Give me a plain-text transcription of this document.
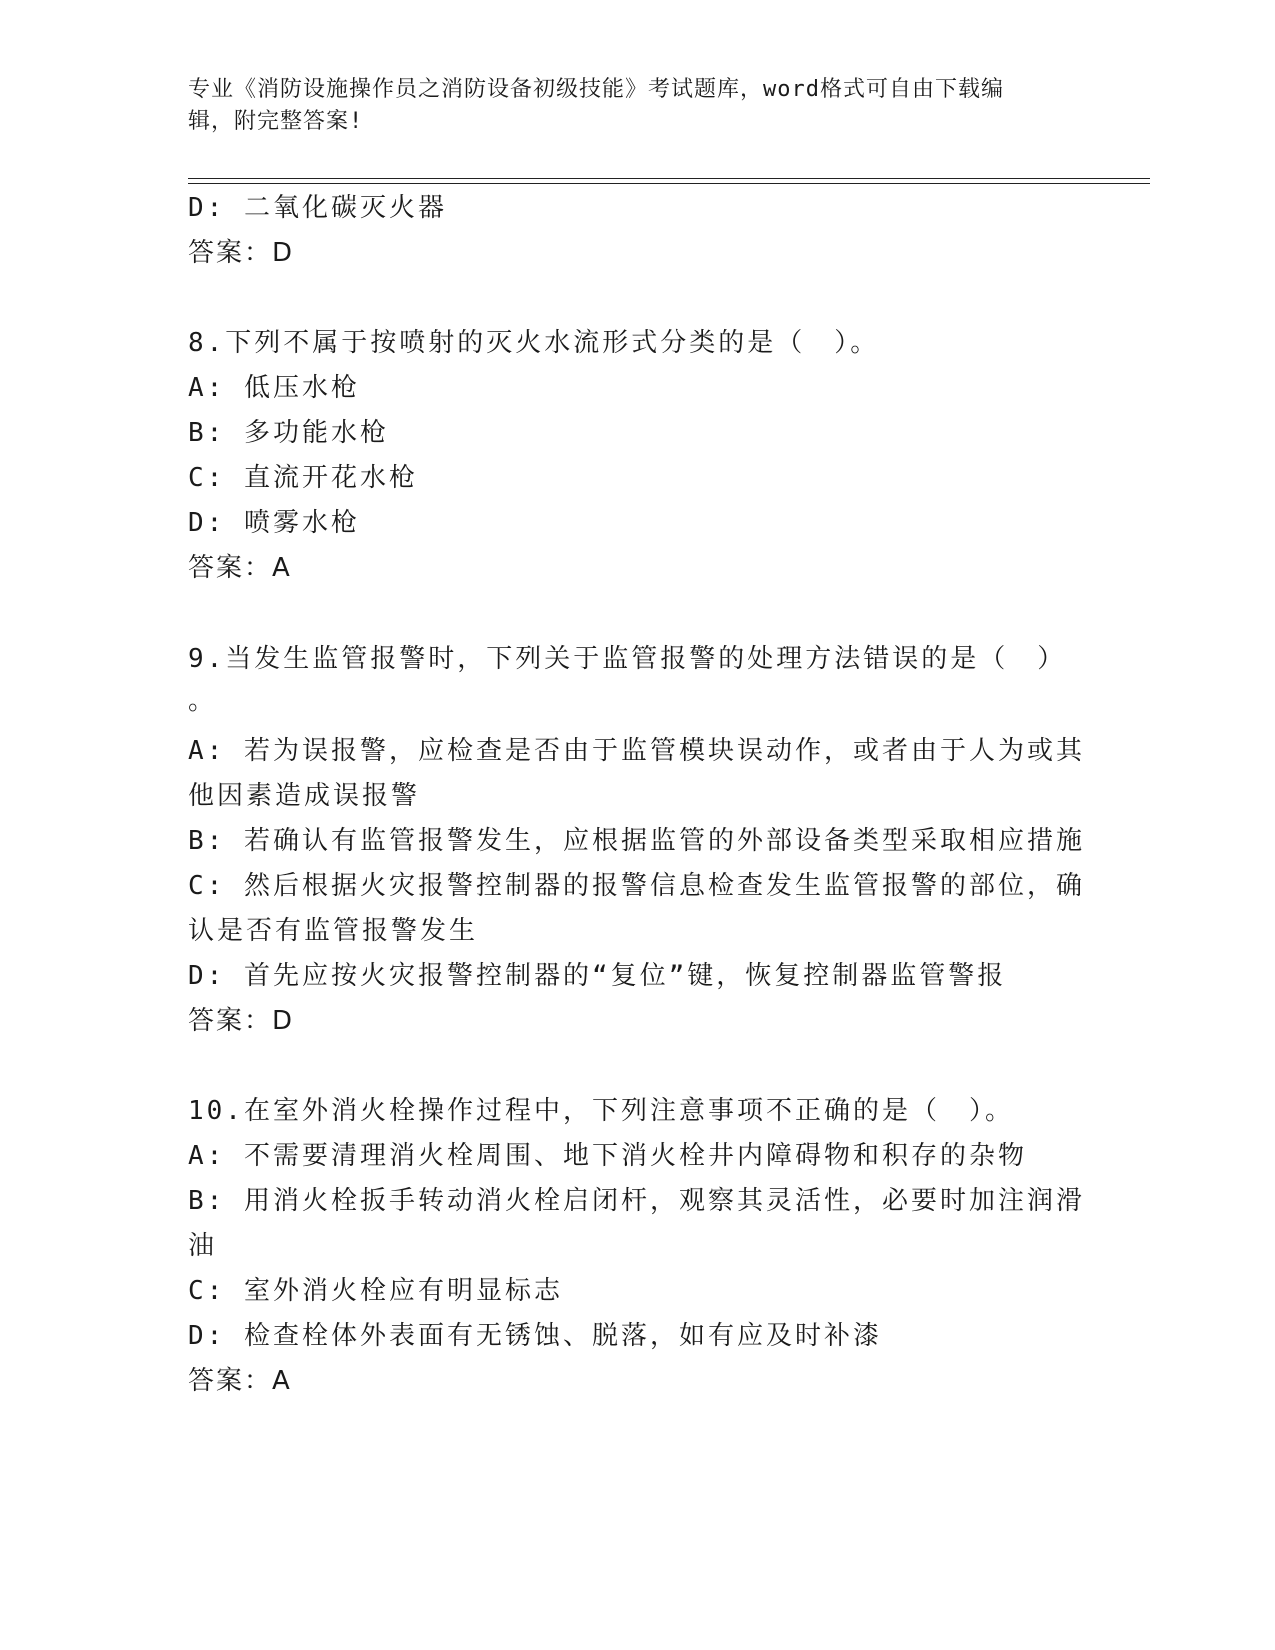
专业《消防设施操作员之消防设备初级技能》考试题库，word格式可自由下载编
辑，附完整答案!
D: 二氧化碳灭火器
答案：D
8.下列不属于按喷射的灭火水流形式分类的是（　）。
A: 低压水枪
B: 多功能水枪
C: 直流开花水枪
D: 喷雾水枪
答案：A
9.当发生监管报警时，下列关于监管报警的处理方法错误的是（　）
。
A: 若为误报警，应检查是否由于监管模块误动作，或者由于人为或其
他因素造成误报警
B: 若确认有监管报警发生，应根据监管的外部设备类型采取相应措施
C: 然后根据火灾报警控制器的报警信息检查发生监管报警的部位，确
认是否有监管报警发生
D: 首先应按火灾报警控制器的“复位”键，恢复控制器监管警报
答案：D
10.在室外消火栓操作过程中，下列注意事项不正确的是（　）。
A: 不需要清理消火栓周围、地下消火栓井内障碍物和积存的杂物
B: 用消火栓扳手转动消火栓启闭杆，观察其灵活性，必要时加注润滑
油
C: 室外消火栓应有明显标志
D: 检查栓体外表面有无锈蚀、脱落，如有应及时补漆
答案：A
